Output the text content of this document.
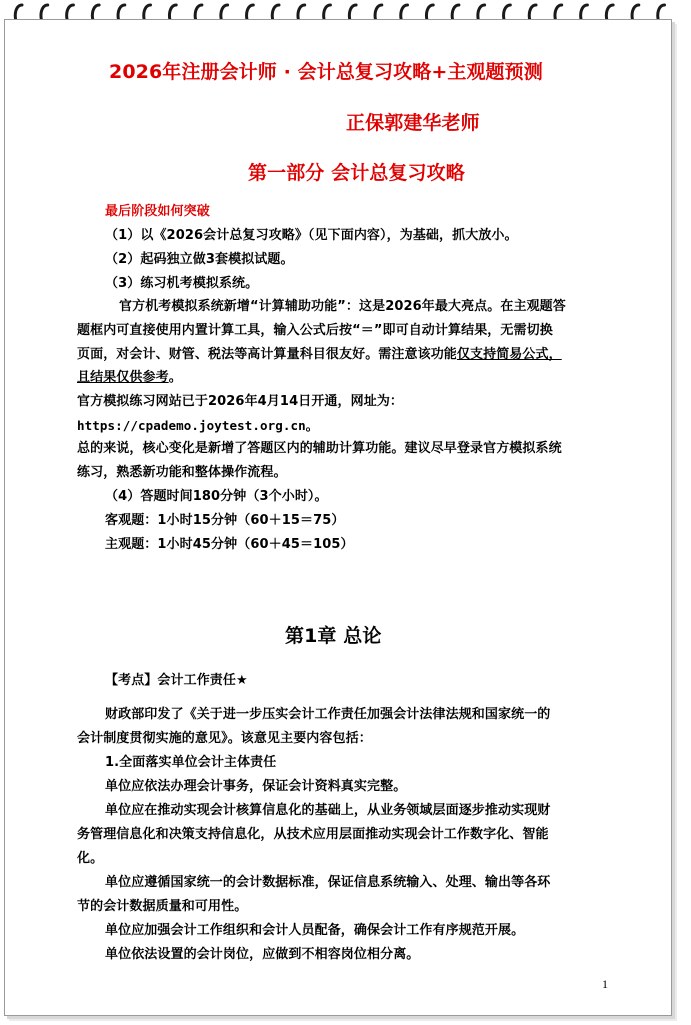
2026年注册会计师 · 会计总复习攻略+主观题预测
正保郭建华老师
第一部分 会计总复习攻略
最后阶段如何突破
（1）以《2026会计总复习攻略》（见下面内容），为基础，抓大放小。
（2）起码独立做3套模拟试题。
（3）练习机考模拟系统。
官方机考模拟系统新增“计算辅助功能”：这是2026年最大亮点。在主观题答
题框内可直接使用内置计算工具，输入公式后按“＝”即可自动计算结果，无需切换
页面，对会计、财管、税法等高计算量科目很友好。需注意该功能仅支持简易公式，
且结果仅供参考。
官方模拟练习网站已于2026年4月14日开通，网址为：
https://cpademo.joytest.org.cn。
总的来说，核心变化是新增了答题区内的辅助计算功能。建议尽早登录官方模拟系统
练习，熟悉新功能和整体操作流程。
（4）答题时间180分钟（3个小时）。
客观题：1小时15分钟（60＋15＝75）
主观题：1小时45分钟（60＋45＝105）
第1章 总论
【考点】会计工作责任★
财政部印发了《关于进一步压实会计工作责任加强会计法律法规和国家统一的
会计制度贯彻实施的意见》。该意见主要内容包括：
1.全面落实单位会计主体责任
单位应依法办理会计事务，保证会计资料真实完整。
单位应在推动实现会计核算信息化的基础上，从业务领域层面逐步推动实现财
务管理信息化和决策支持信息化，从技术应用层面推动实现会计工作数字化、智能
化。
单位应遵循国家统一的会计数据标准，保证信息系统输入、处理、输出等各环
节的会计数据质量和可用性。
单位应加强会计工作组织和会计人员配备，确保会计工作有序规范开展。
单位依法设置的会计岗位，应做到不相容岗位相分离。
1
